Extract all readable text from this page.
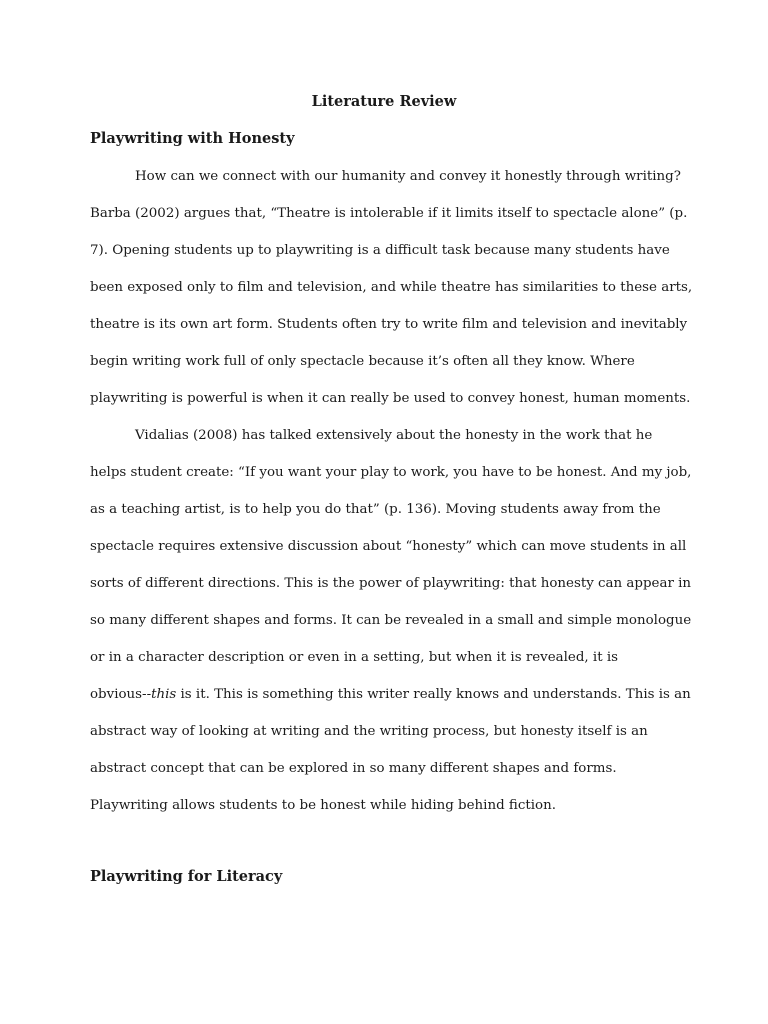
Literature Review
Playwriting with Honesty

How can we connect with our humanity and convey it honestly through writing?
Barba (2002) argues that, “Theatre is intolerable if it limits itself to spectacle alone” (p.
7). Opening students up to playwriting is a difficult task because many students have
been exposed only to film and television, and while theatre has similarities to these arts,
theatre is its own art form. Students often try to write film and television and inevitably
begin writing work full of only spectacle because it’s often all they know. Where
playwriting is powerful is when it can really be used to convey honest, human moments.

Vidalias (2008) has talked extensively about the honesty in the work that he
helps student create: “If you want your play to work, you have to be honest. And my job,
as a teaching artist, is to help you do that” (p. 136). Moving students away from the
spectacle requires extensive discussion about “honesty” which can move students in all
sorts of different directions. This is the power of playwriting: that honesty can appear in
so many different shapes and forms. It can be revealed in a small and simple monologue
or in a character description or even in a setting, but when it is revealed, it is
obvious--this is it. This is something this writer really knows and understands. This is an
abstract way of looking at writing and the writing process, but honesty itself is an
abstract concept that can be explored in so many different shapes and forms.
Playwriting allows students to be honest while hiding behind fiction.

Playwriting for Literacy
